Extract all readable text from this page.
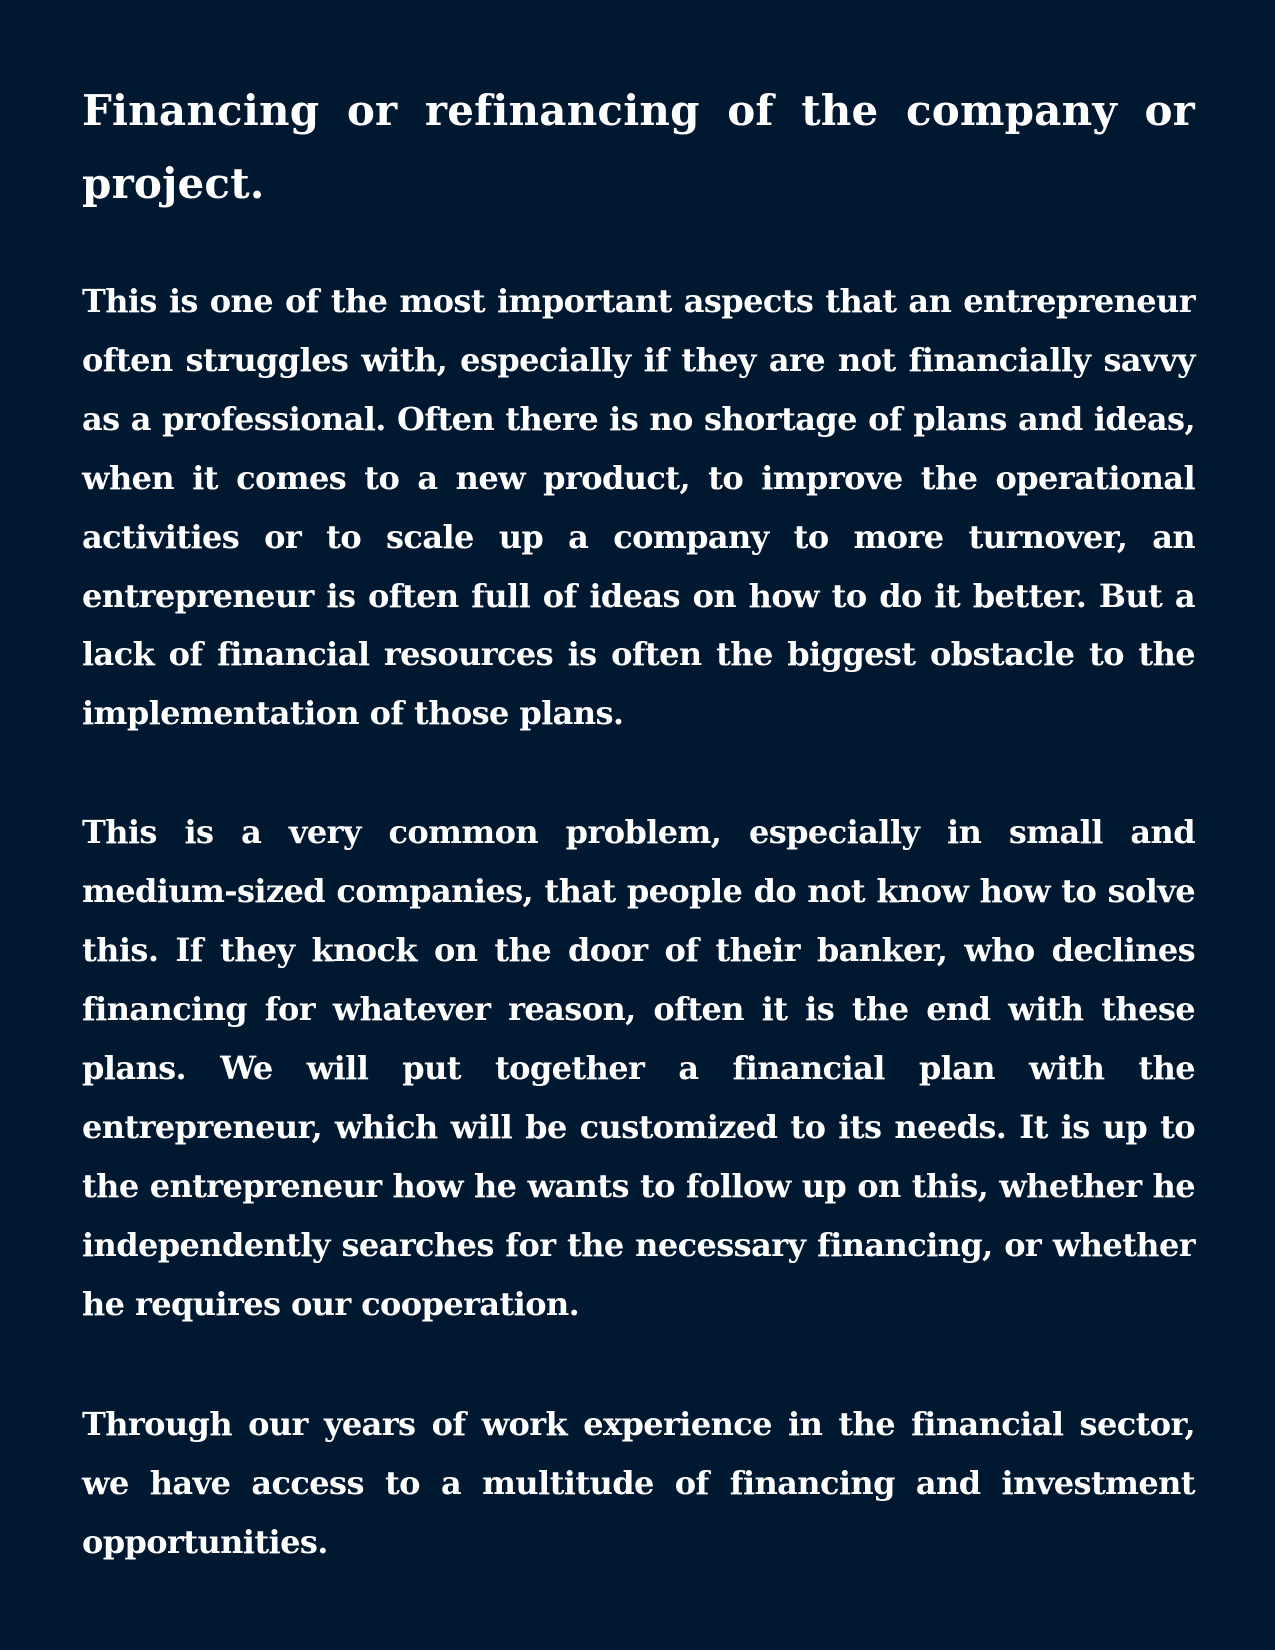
Financing or refinancing of the company or project.

This is one of the most important aspects that an entrepreneur often struggles with, especially if they are not financially savvy as a professional. Often there is no shortage of plans and ideas, when it comes to a new product, to improve the operational activities or to scale up a company to more turnover, an entrepreneur is often full of ideas on how to do it better. But a lack of financial resources is often the biggest obstacle to the implementation of those plans.

This is a very common problem, especially in small and medium-sized companies, that people do not know how to solve this. If they knock on the door of their banker, who declines financing for whatever reason, often it is the end with these plans. We will put together a financial plan with the entrepreneur, which will be customized to its needs. It is up to the entrepreneur how he wants to follow up on this, whether he independently searches for the necessary financing, or whether he requires our cooperation.

Through our years of work experience in the financial sector, we have access to a multitude of financing and investment opportunities.
